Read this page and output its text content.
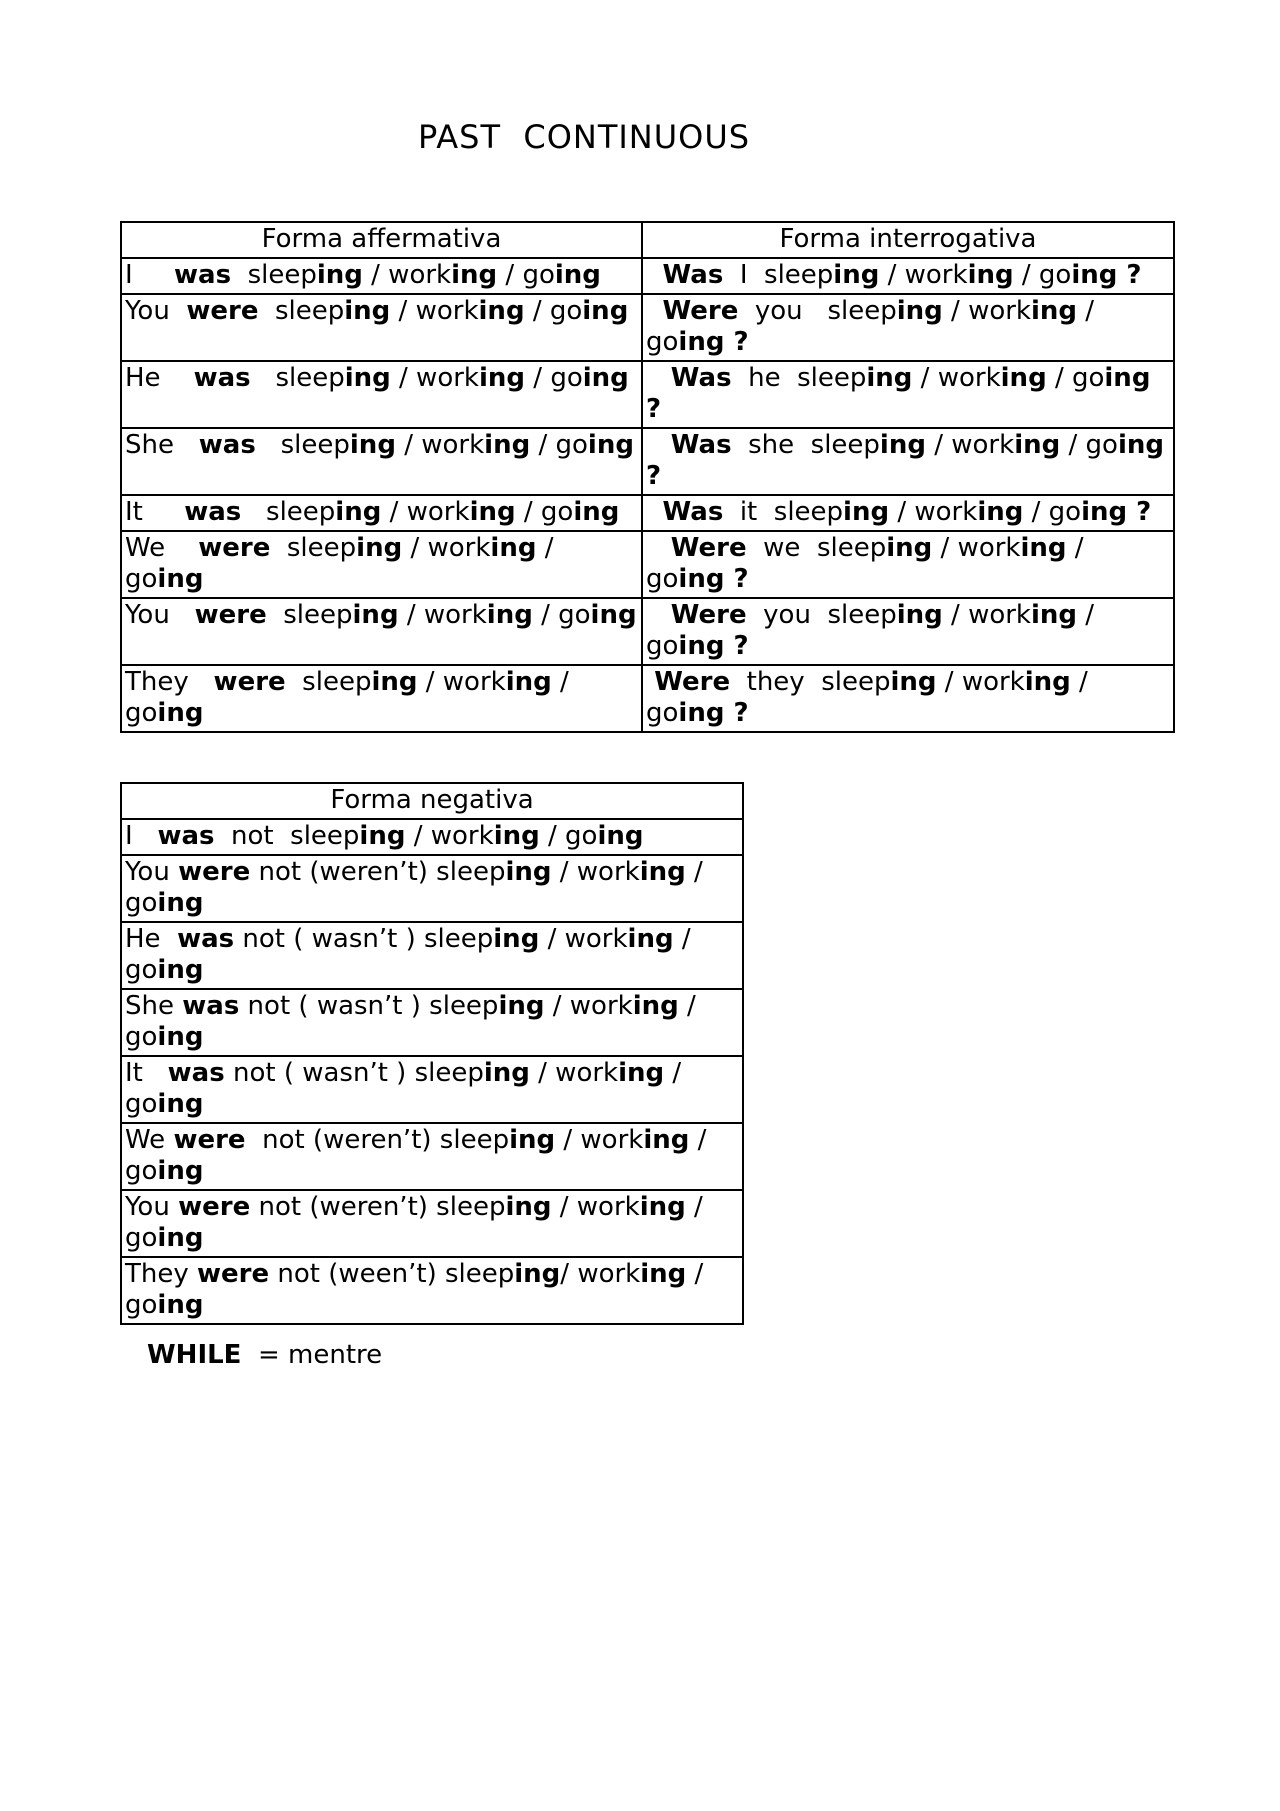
PAST  CONTINUOUS
Forma affermativa	Forma interrogativa
I     was  sleeping / working / going	Was  I  sleeping / working / going ?
You  were  sleeping / working / going	Were  you   sleeping / working / going ?
He    was   sleeping / working / going	Was  he  sleeping / working / going ?
She   was   sleeping / working / going	Was  she  sleeping / working / going ?
It     was   sleeping / working / going	Was  it  sleeping / working / going ?
We    were  sleeping / working / going	Were  we  sleeping / working / going ?
You   were  sleeping / working / going	Were  you  sleeping / working / going ?
They   were  sleeping / working / going	Were  they  sleeping / working / going ?
Forma negativa
I   was  not  sleeping / working / going
You were not (weren’t) sleeping / working / going
He  was not ( wasn’t ) sleeping / working / going
She was not ( wasn’t ) sleeping / working / going
It   was not ( wasn’t ) sleeping / working / going
We were  not (weren’t) sleeping / working / going
You were not (weren’t) sleeping / working / going
They were not (ween’t) sleeping/ working / going
WHILE  = mentre
